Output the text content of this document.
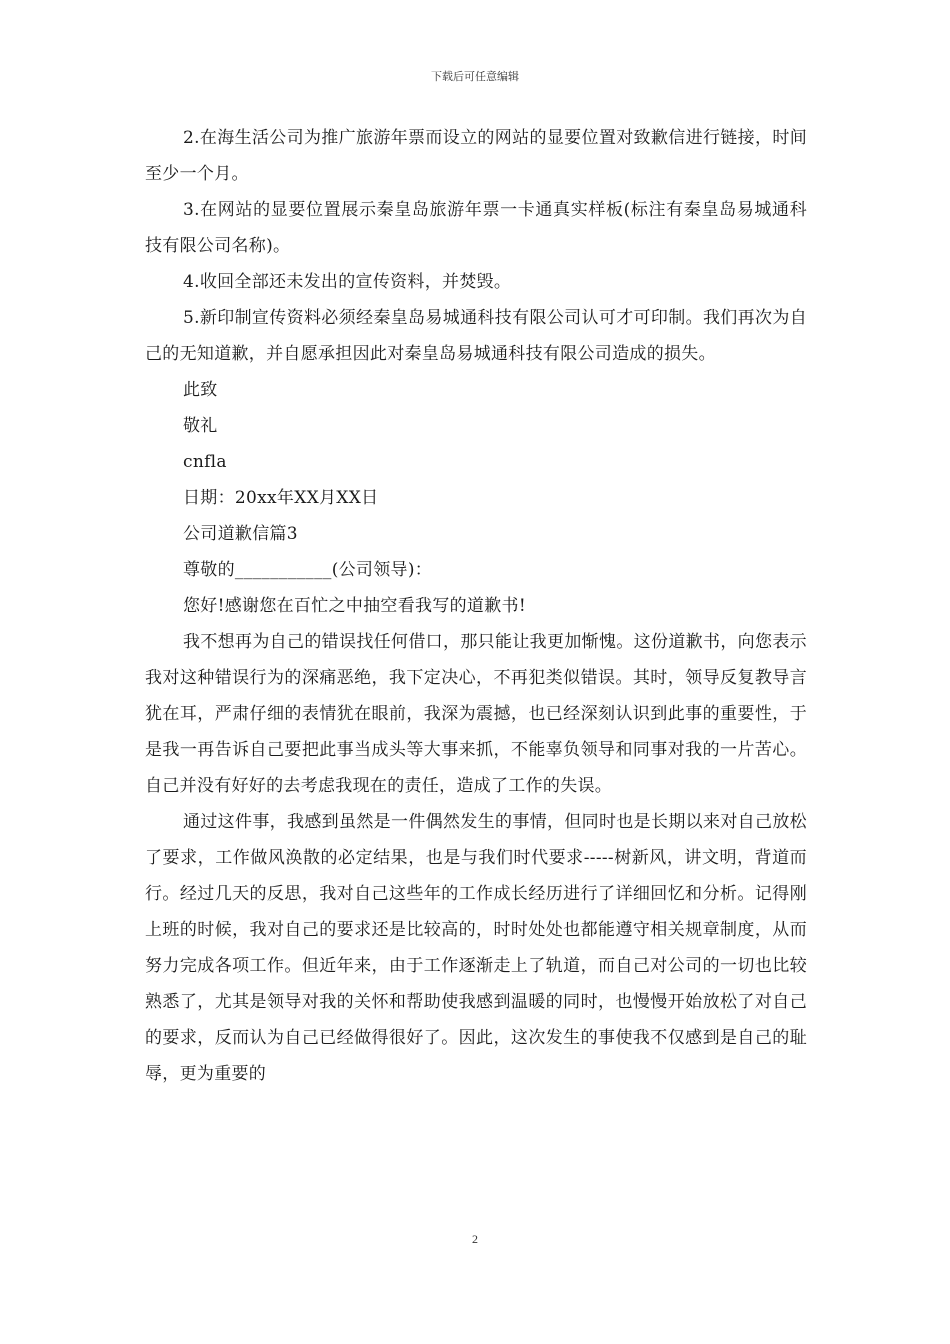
下载后可任意编辑

2.在海生活公司为推广旅游年票而设立的网站的显要位置对致歉信进行链接，时间至少一个月。

3.在网站的显要位置展示秦皇岛旅游年票一卡通真实样板(标注有秦皇岛易城通科技有限公司名称)。

4.收回全部还未发出的宣传资料，并焚毁。

5.新印制宣传资料必须经秦皇岛易城通科技有限公司认可才可印制。我们再次为自己的无知道歉，并自愿承担因此对秦皇岛易城通科技有限公司造成的损失。

此致

敬礼

cnfla

日期：20xx年XX月XX日

公司道歉信篇3

尊敬的___________(公司领导)：

您好!感谢您在百忙之中抽空看我写的道歉书!

我不想再为自己的错误找任何借口，那只能让我更加惭愧。这份道歉书，向您表示我对这种错误行为的深痛恶绝，我下定决心，不再犯类似错误。其时，领导反复教导言犹在耳，严肃仔细的表情犹在眼前，我深为震撼，也已经深刻认识到此事的重要性，于是我一再告诉自己要把此事当成头等大事来抓，不能辜负领导和同事对我的一片苦心。自己并没有好好的去考虑我现在的责任，造成了工作的失误。

通过这件事，我感到虽然是一件偶然发生的事情，但同时也是长期以来对自己放松了要求，工作做风涣散的必定结果，也是与我们时代要求-----树新风，讲文明，背道而行。经过几天的反思，我对自己这些年的工作成长经历进行了详细回忆和分析。记得刚上班的时候，我对自己的要求还是比较高的，时时处处也都能遵守相关规章制度，从而努力完成各项工作。但近年来，由于工作逐渐走上了轨道，而自己对公司的一切也比较熟悉了，尤其是领导对我的关怀和帮助使我感到温暖的同时，也慢慢开始放松了对自己的要求，反而认为自己已经做得很好了。因此，这次发生的事使我不仅感到是自己的耻辱，更为重要的

2
